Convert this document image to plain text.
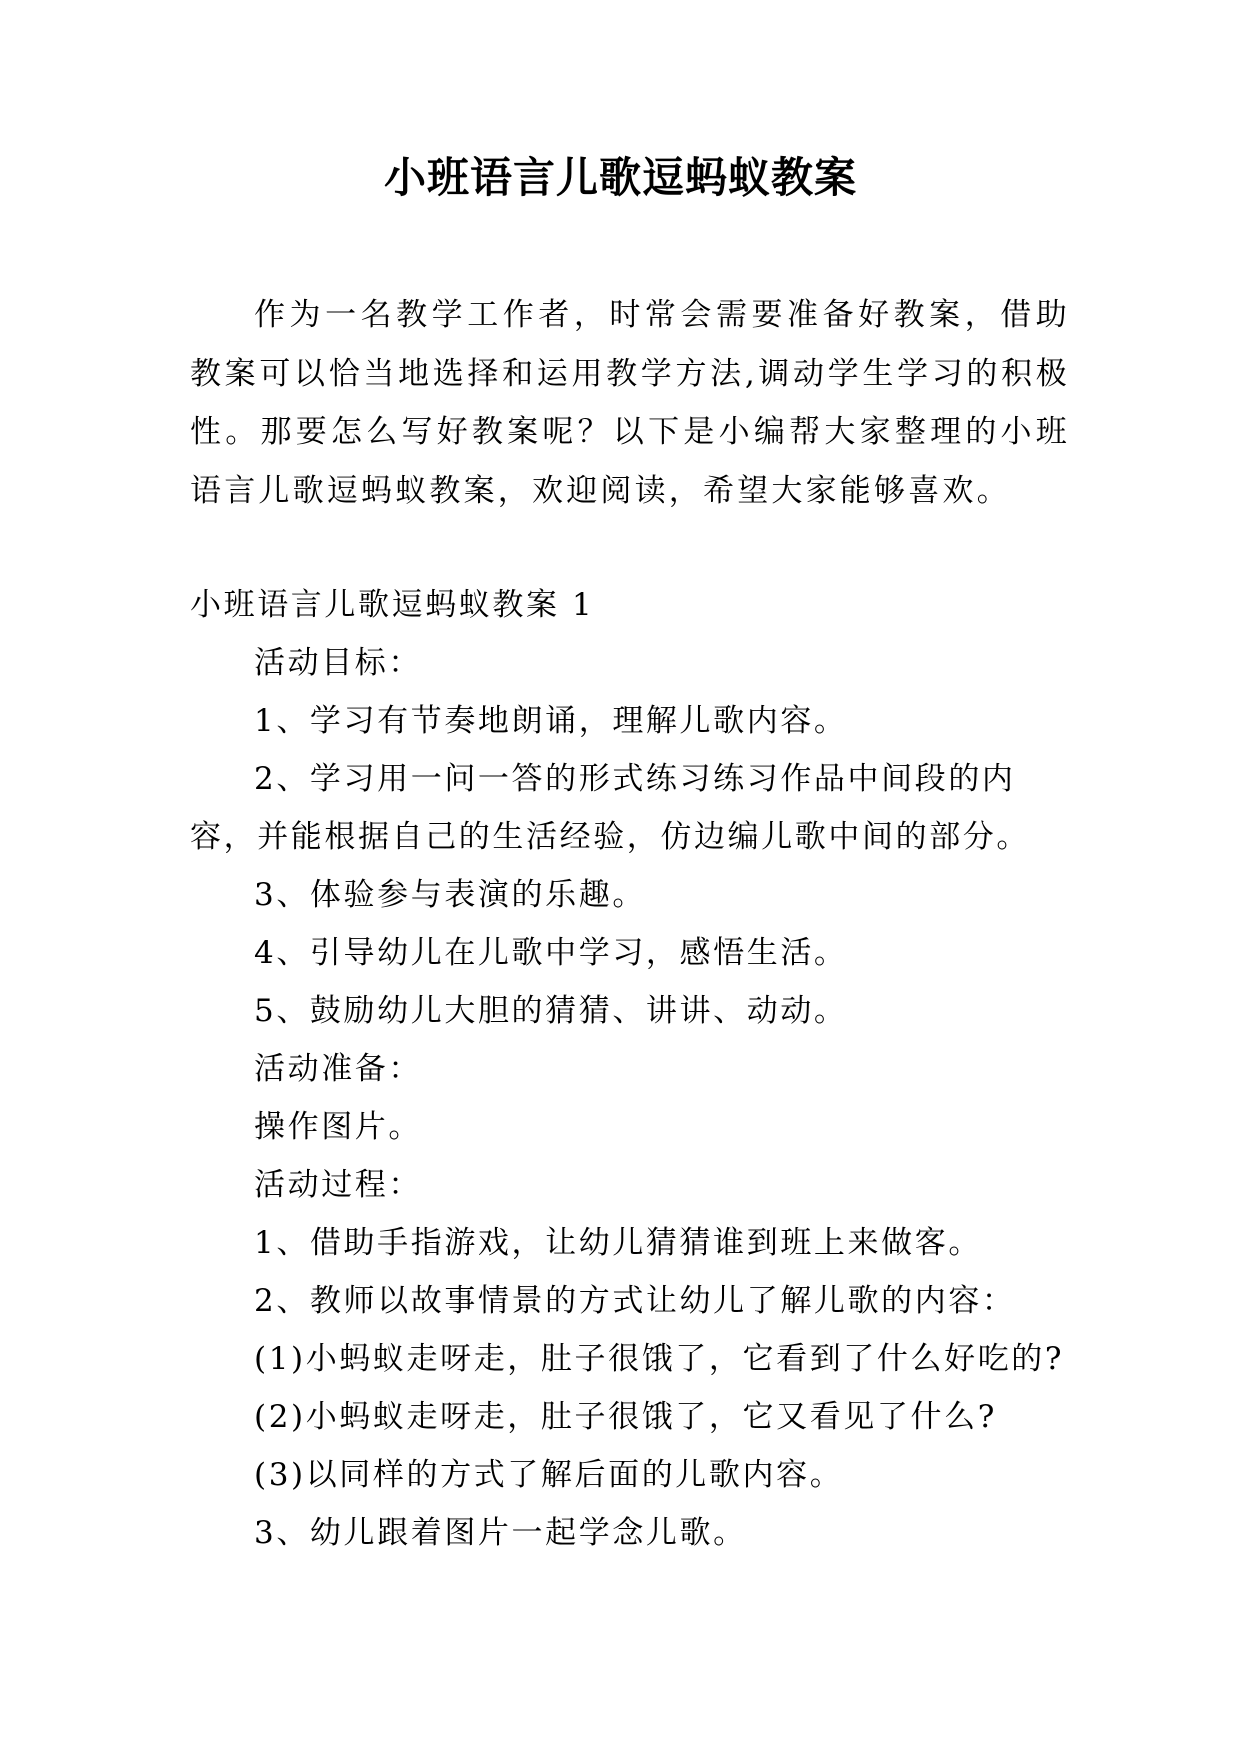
小班语言儿歌逗蚂蚁教案

作为一名教学工作者，时常会需要准备好教案，借助教案可以恰当地选择和运用教学方法,调动学生学习的积极性。那要怎么写好教案呢？以下是小编帮大家整理的小班语言儿歌逗蚂蚁教案，欢迎阅读，希望大家能够喜欢。

小班语言儿歌逗蚂蚁教案 1

活动目标：

1、学习有节奏地朗诵，理解儿歌内容。

2、学习用一问一答的形式练习练习作品中间段的内容，并能根据自己的生活经验，仿边编儿歌中间的部分。

3、体验参与表演的乐趣。

4、引导幼儿在儿歌中学习，感悟生活。

5、鼓励幼儿大胆的猜猜、讲讲、动动。

活动准备：

操作图片。

活动过程：

1、借助手指游戏，让幼儿猜猜谁到班上来做客。

2、教师以故事情景的方式让幼儿了解儿歌的内容：

(1)小蚂蚁走呀走，肚子很饿了，它看到了什么好吃的?

(2)小蚂蚁走呀走，肚子很饿了，它又看见了什么?

(3)以同样的方式了解后面的儿歌内容。

3、幼儿跟着图片一起学念儿歌。
